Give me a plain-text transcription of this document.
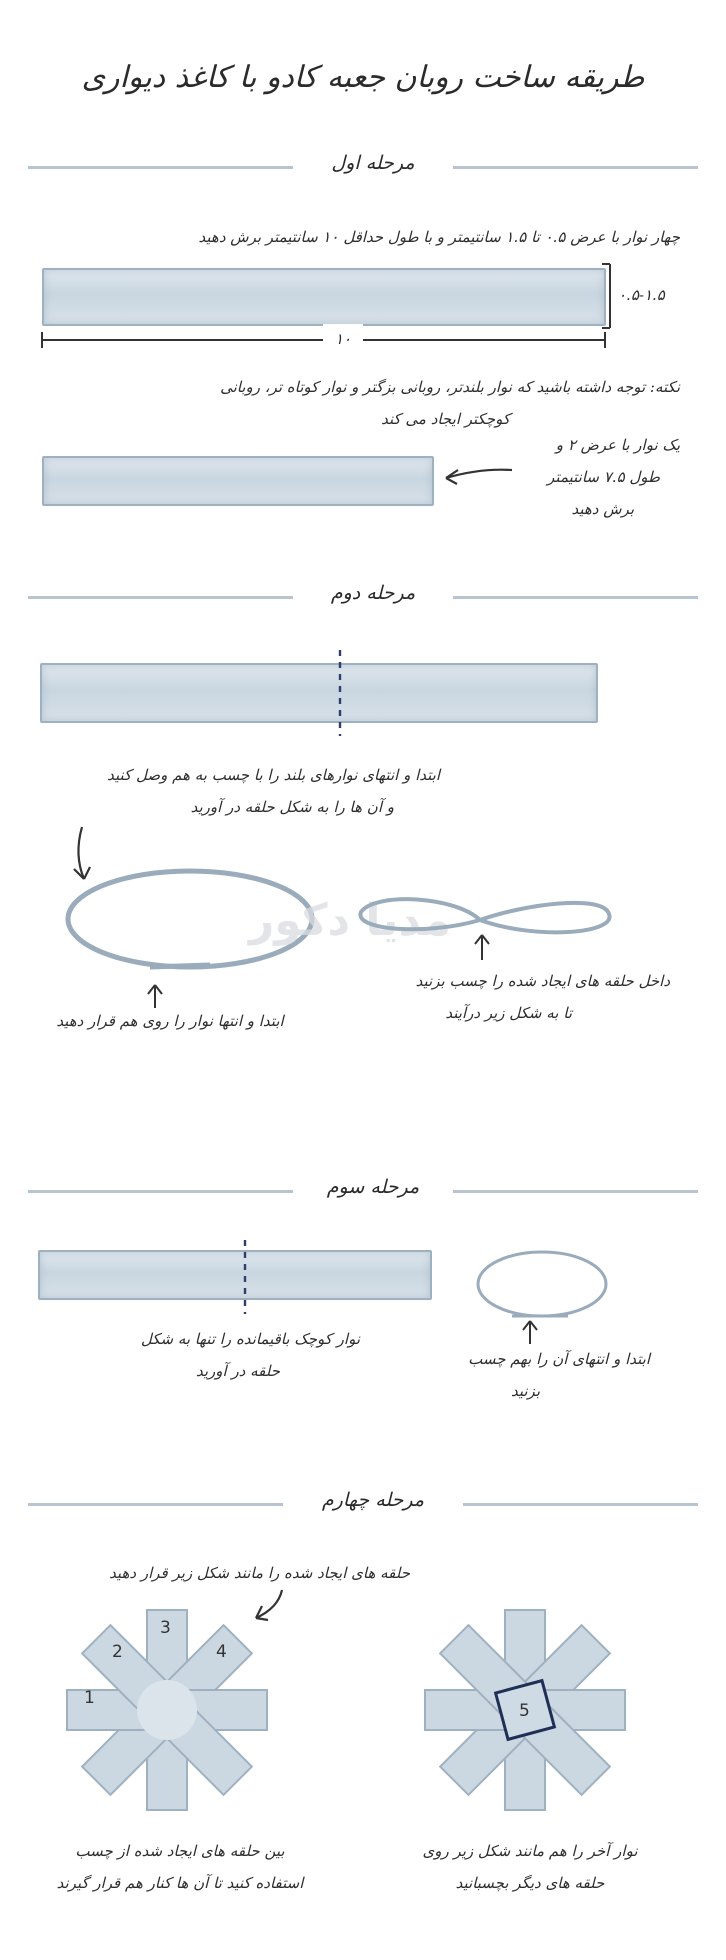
طریقه ساخت روبان جعبه کادو با کاغذ دیواری
مرحله اول
چهار نوار با عرض ۰.۵ تا ۱.۵ سانتیمتر و با طول حداقل ۱۰ سانتیمتر برش دهید
۰.۵-۱.۵
۱۰
نکته: توجه داشته باشید که نوار بلندتر، روبانی بزگتر و نوار کوتاه تر، روبانی
کوچکتر ایجاد می کند
یک نوار با عرض ۲ و
طول ۷.۵ سانتیمتر
برش دهید
مرحله دوم
ابتدا و انتهای نوارهای بلند را با چسب به هم وصل کنید
و آن ها را به شکل حلقه در آورید
ابتدا و انتها نوار را روی هم قرار دهید
مدیا دکور
داخل حلقه های ایجاد شده را چسب بزنید
تا به شکل زیر درآیند
مرحله سوم
نوار کوچک باقیمانده را تنها به شکل
حلقه در آورید
ابتدا و انتهای آن را بهم چسب
بزنید
مرحله چهارم
حلقه های ایجاد شده را مانند شکل زیر قرار دهید
3
2	4
1
بین حلقه های ایجاد شده از چسب
استفاده کنید تا آن ها کنار هم قرار گیرند
5
نوار آخر را هم مانند شکل زیر روی
حلقه های دیگر بچسبانید
